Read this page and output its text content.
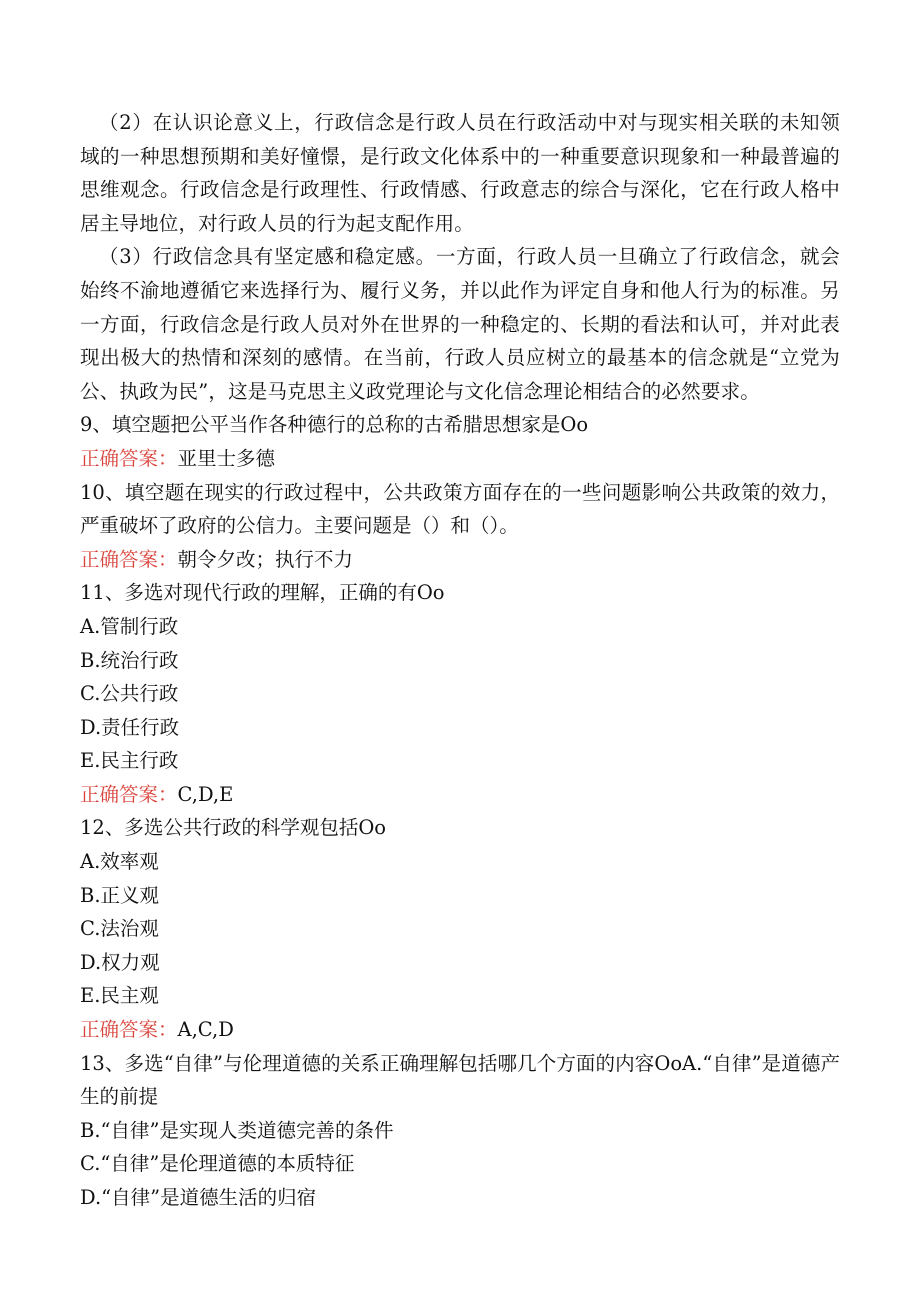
（2）在认识论意义上，行政信念是行政人员在行政活动中对与现实相关联的未知领域的一种思想预期和美好憧憬，是行政文化体系中的一种重要意识现象和一种最普遍的思维观念。行政信念是行政理性、行政情感、行政意志的综合与深化，它在行政人格中居主导地位，对行政人员的行为起支配作用。

（3）行政信念具有坚定感和稳定感。一方面，行政人员一旦确立了行政信念，就会始终不渝地遵循它来选择行为、履行义务，并以此作为评定自身和他人行为的标准。另一方面，行政信念是行政人员对外在世界的一种稳定的、长期的看法和认可，并对此表现出极大的热情和深刻的感情。在当前，行政人员应树立的最基本的信念就是“立党为公、执政为民”，这是马克思主义政党理论与文化信念理论相结合的必然要求。

9、填空题把公平当作各种德行的总称的古希腊思想家是Oo

正确答案：亚里士多德

10、填空题在现实的行政过程中，公共政策方面存在的一些问题影响公共政策的效力，严重破坏了政府的公信力。主要问题是（）和（）。

正确答案：朝令夕改；执行不力

11、多选对现代行政的理解，正确的有Oo

A.管制行政

B.统治行政

C.公共行政

D.责任行政

E.民主行政

正确答案：C,D,E

12、多选公共行政的科学观包括Oo

A.效率观

B.正义观

C.法治观

D.权力观

E.民主观

正确答案：A,C,D

13、多选“自律”与伦理道德的关系正确理解包括哪几个方面的内容OoA.“自律”是道德产生的前提

B.“自律”是实现人类道德完善的条件

C.“自律”是伦理道德的本质特征

D.“自律”是道德生活的归宿
